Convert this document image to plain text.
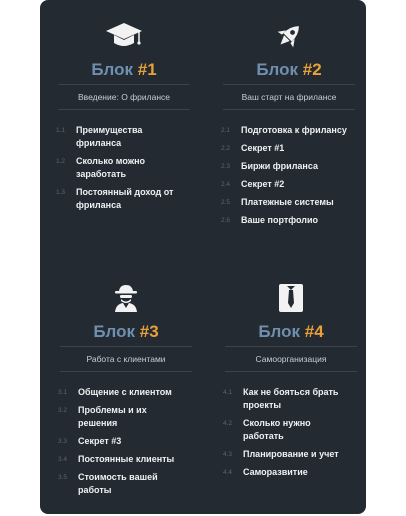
Блок #1
Введение: О фрилансе
1.1	Преимущества фриланса
1.2	Сколько можно заработать
1.3	Постоянный доход от фриланса
Блок #2
Ваш старт на фрилансе
2.1	Подготовка к фрилансу
2.2	Секрет #1
2.3	Биржи фриланса
2.4	Секрет #2
2.5	Платежные системы
2.6	Ваше портфолио
Блок #3
Работа с клиентами
3.1	Общение с клиентом
3.2	Проблемы и их решения
3.3	Секрет #3
3.4	Постоянные клиенты
3.5	Стоимость вашей работы
Блок #4
Самоорганизация
4.1	Как не бояться брать проекты
4.2	Сколько нужно работать
4.3	Планирование и учет
4.4	Саморазвитие
